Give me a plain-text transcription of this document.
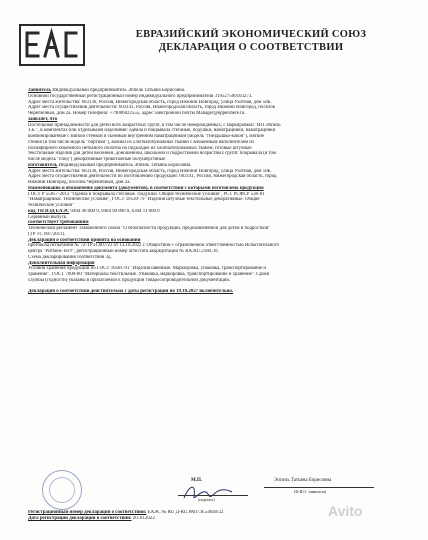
ЕВРАЗИЙСКИЙ ЭКОНОМИЧЕСКИЙ СОЮЗ
ДЕКЛАРАЦИЯ О СООТВЕТСТВИИ
Заявитель Индивидуальный предприниматель Эппель Татьяна Борисовна.
Основной государственный регистрационный номер индивидуального предпринимателя 319527500103273.
Адрес места жительства: 603136, Россия, Нижегородская область, город Нижний Новгород, улица Ухотная, дом 50Б.
Адрес места осуществления деятельности: 603141, Россия, Нижегородская область, город Нижний Новгород, поселок
Черепичный, дом 2а. Номер телефона: +79006022555, адрес электронной почты Manager@eppelshere.ru.
заявляет, что
Постельные принадлежности для детей всех возрастных групп, в том числе новорожденных, с маркировкой "ИП Эппель
Т.Б.", в комплектах или отдельными изделиями: одеяла и покрывала стеганые, подушки, наматрацники, наматрацники
комбинированные с мягкой стенкой и съемным внутренним наматрацником (модель "гнездышко-кокон"), мягкие
стенки (в том числе модель "бортики"), валики из хлопчатобумажных тканей с вложенным наполнителем из
полиэфирного объемного нетканого полотна на подкладке из хлопчатобумажных тканей; готовые штучные
текстильные изделия для детей весенней, доношенной, школьной и подростковой возрастных групп: покрывала (в том
числе модель "плед") декоративные трикотажные полушерстяные
изготовитель Индивидуальный предприниматель Эппель Татьяна Борисовна.
Адрес места жительства: 603136, Россия, Нижегородская область, город Нижний Новгород, улица Ухотная, дом 50Б.
Адрес места осуществления деятельности по изготовлению продукции: 603141, Россия, Нижегородская область, город
Нижний Новгород, поселок Черепичный, дом 2а.
Наименование и обозначение документа (документов), в соответствии с которыми изготовлена продукция
ГОСТ Р 55857-2013 "Одеяла и покрывала стеганые. Подушки. Общие технические условия", РСТ РСФСР 536-81
"Наматрацники. Технические условия", ГОСТ 10530-79 "Изделия штучные текстильные декоративные. Общие
технические условия"
код ТН ВЭД ЕАЭС 9404 40 000 9, 9404 90 800 0, 6304 11 000 0
Серийный выпуск.
соответствует требованиям
Технический регламент Таможенного союза "О безопасности продукции, предназначенной для детей и подростков"
(ТР ТС 007/2011).
Декларация о соответствии принята на основании
протокола испытаний № 72-ТРТС007/22 от 13.10.2022 г. Обществом с ограниченной ответственностью Испытательного
центра "Ритмон-Тест", регистрационный номер аттестата аккредитации № RA.RU.21НС16
Схема декларирования соответствия 3д.
Дополнительная информация
Условия хранения продукции по ГОСТ 10581-91 "Изделия швейные. Маркировка, упаковка, транспортирование и
хранение", ГОСТ 7000-80 "Материалы текстильные. Упаковка, маркировка, транспортирование и хранение". Сроки
службы (годности) указаны в прилагаемой к продукции товаросопроводительной документации.
Декларация о соответствии действительна с даты регистрации по 19.10.2027 включительно.
М.П.
(подпись)
Эппель Татьяна Борисовна
(Ф.И.О. заявителя)
Регистрационный номер декларации о соответствии: ЕАЭС № RU Д-RU.РА07.В.54640/22
Дата регистрации декларации о соответствии: 20.10.2022	Avito
